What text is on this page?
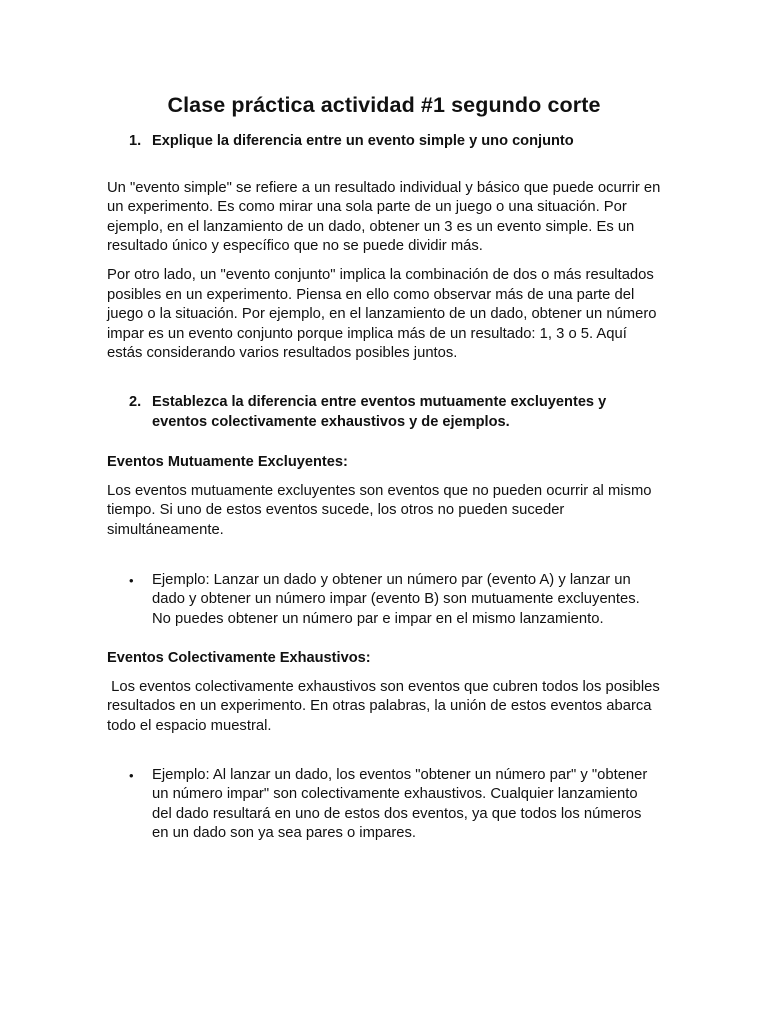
Clase práctica actividad #1 segundo corte
1. Explique la diferencia entre un evento simple y uno conjunto

Un "evento simple" se refiere a un resultado individual y básico que puede ocurrir en un experimento. Es como mirar una sola parte de un juego o una situación. Por ejemplo, en el lanzamiento de un dado, obtener un 3 es un evento simple. Es un resultado único y específico que no se puede dividir más.

Por otro lado, un "evento conjunto" implica la combinación de dos o más resultados posibles en un experimento. Piensa en ello como observar más de una parte del juego o la situación. Por ejemplo, en el lanzamiento de un dado, obtener un número impar es un evento conjunto porque implica más de un resultado: 1, 3 o 5. Aquí estás considerando varios resultados posibles juntos.

2. Establezca la diferencia entre eventos mutuamente excluyentes y eventos colectivamente exhaustivos y de ejemplos.

Eventos Mutuamente Excluyentes:

Los eventos mutuamente excluyentes son eventos que no pueden ocurrir al mismo tiempo. Si uno de estos eventos sucede, los otros no pueden suceder simultáneamente.

•	Ejemplo: Lanzar un dado y obtener un número par (evento A) y lanzar un dado y obtener un número impar (evento B) son mutuamente excluyentes. No puedes obtener un número par e impar en el mismo lanzamiento.

Eventos Colectivamente Exhaustivos:

Los eventos colectivamente exhaustivos son eventos que cubren todos los posibles resultados en un experimento. En otras palabras, la unión de estos eventos abarca todo el espacio muestral.

•	Ejemplo: Al lanzar un dado, los eventos "obtener un número par" y "obtener un número impar" son colectivamente exhaustivos. Cualquier lanzamiento del dado resultará en uno de estos dos eventos, ya que todos los números en un dado son ya sea pares o impares.
